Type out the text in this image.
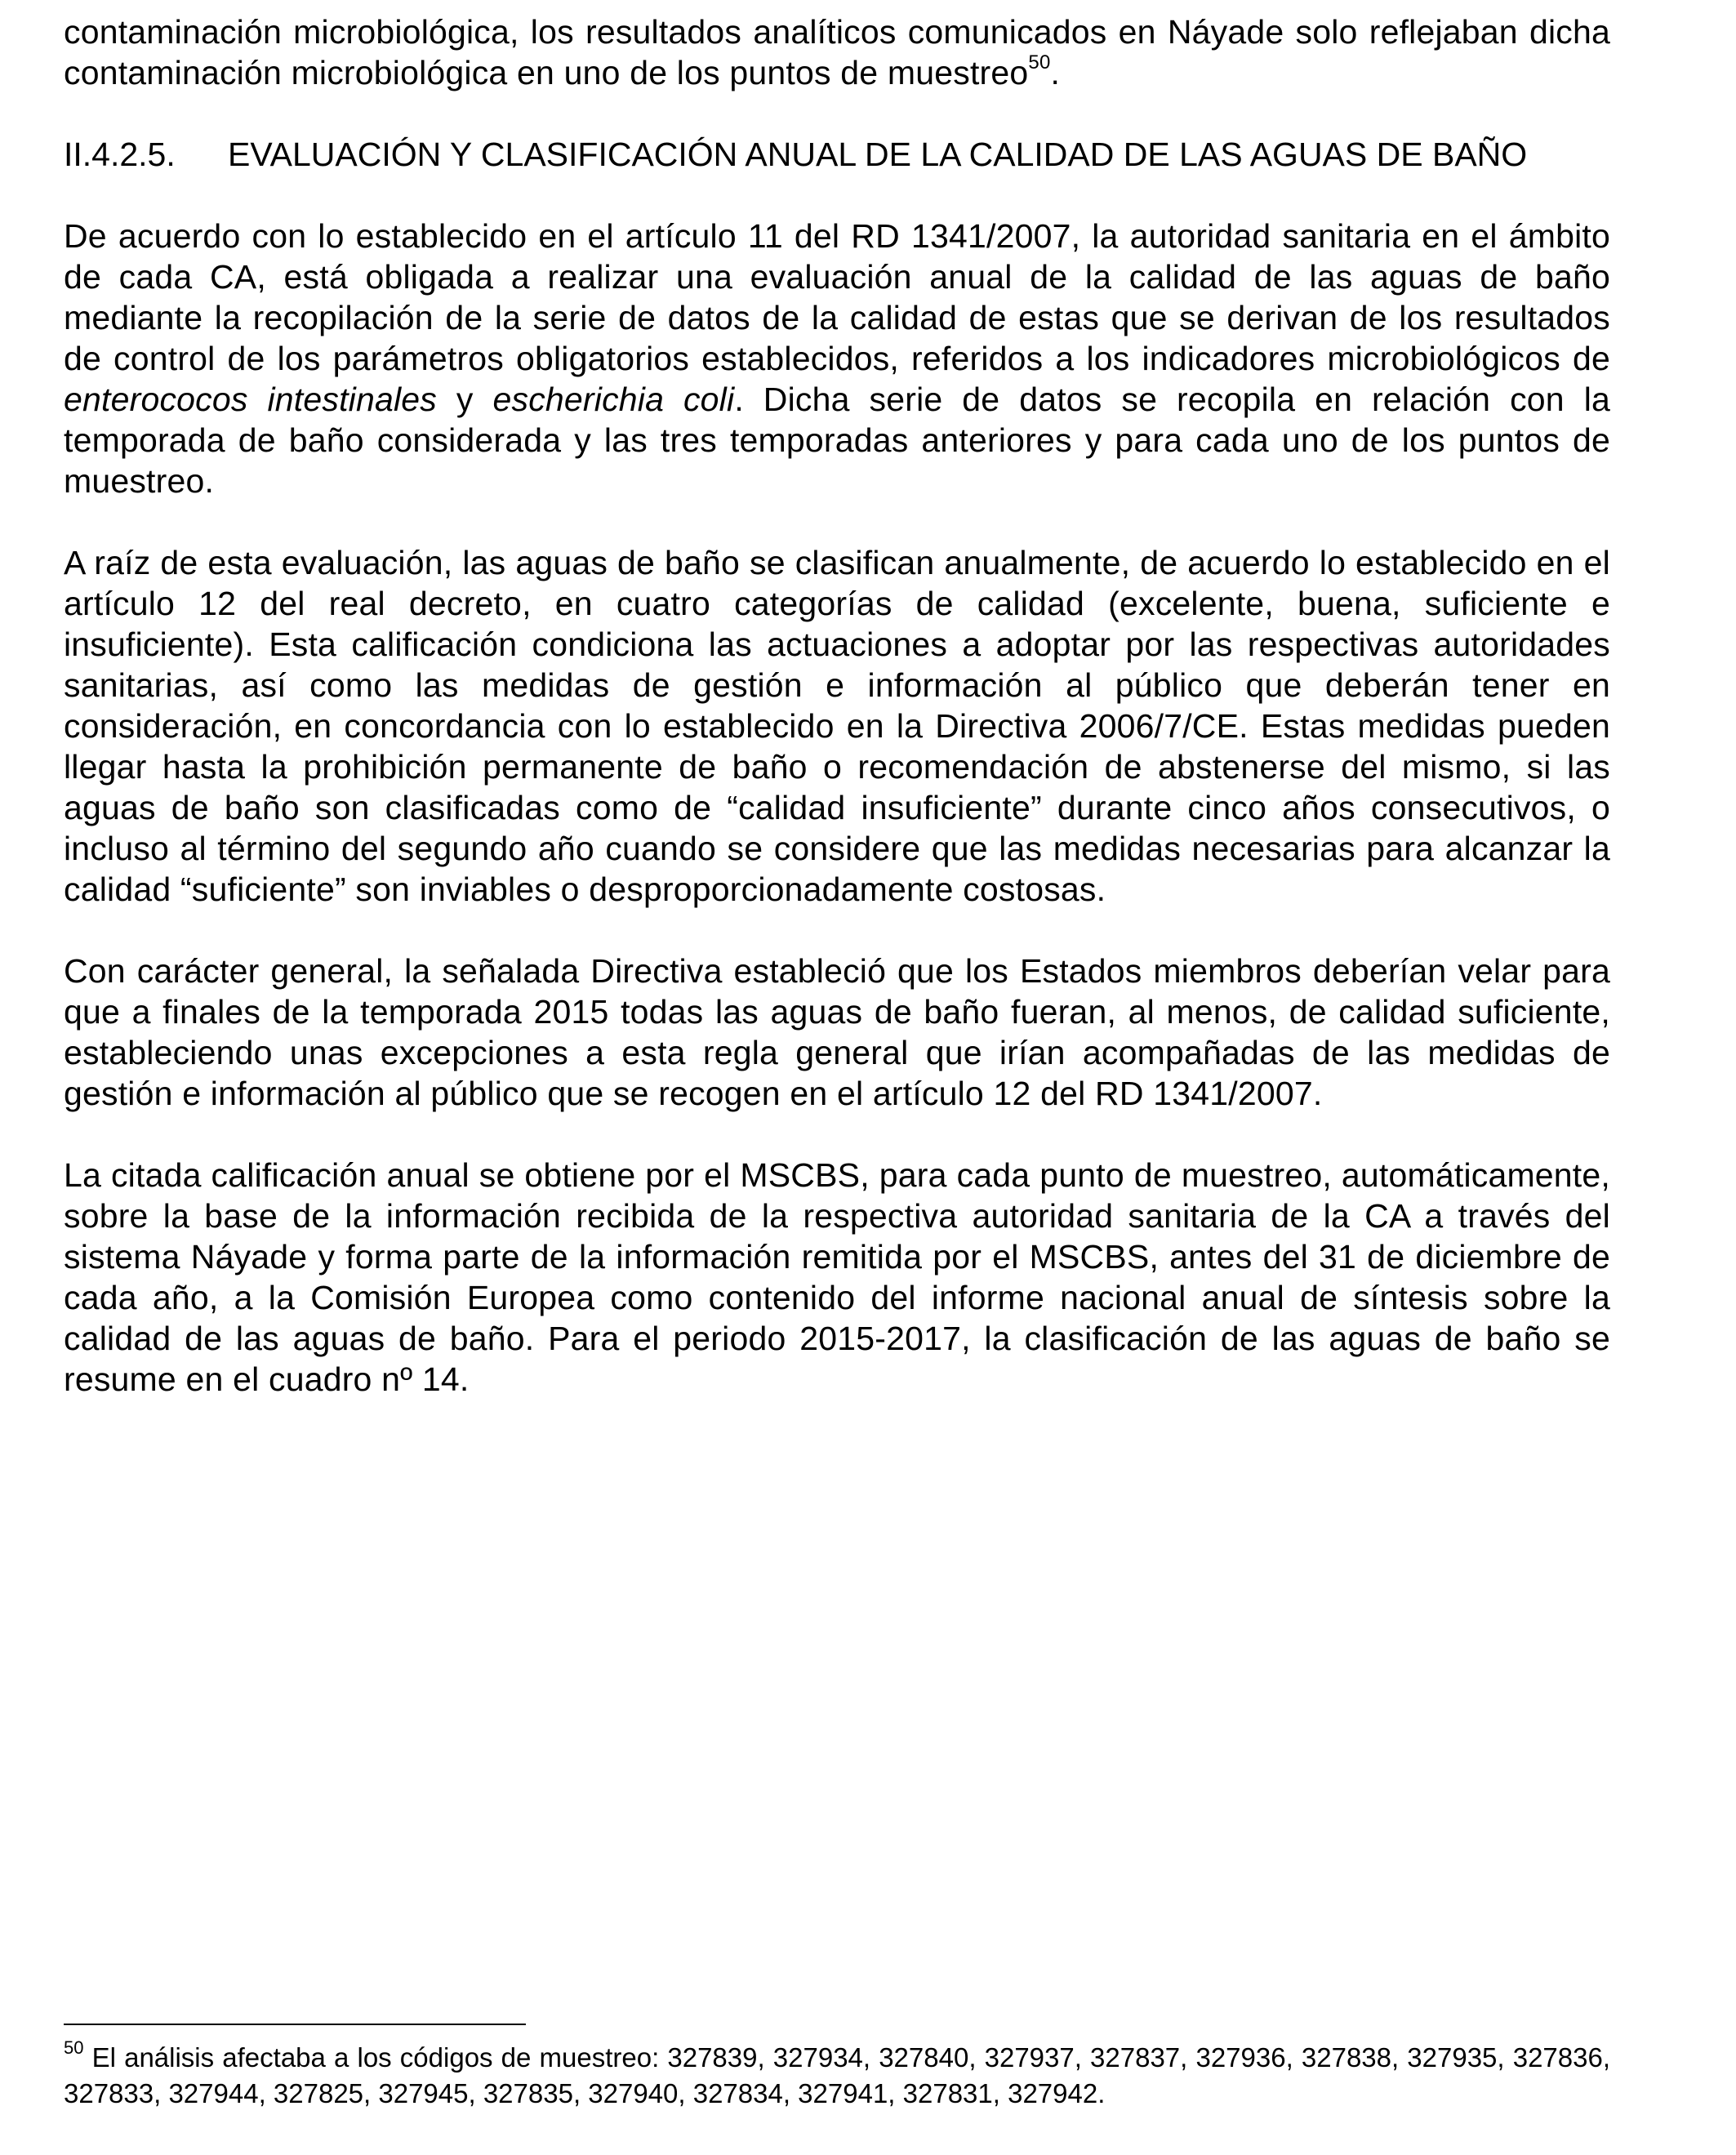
contaminación microbiológica, los resultados analíticos comunicados en Náyade solo reflejaban dicha contaminación microbiológica en uno de los puntos de muestreo$^{50}$.

II.4.2.5.	EVALUACIÓN Y CLASIFICACIÓN ANUAL DE LA CALIDAD DE LAS AGUAS DE BAÑO

De acuerdo con lo establecido en el artículo 11 del RD 1341/2007, la autoridad sanitaria en el ámbito de cada CA, está obligada a realizar una evaluación anual de la calidad de las aguas de baño mediante la recopilación de la serie de datos de la calidad de estas que se derivan de los resultados de control de los parámetros obligatorios establecidos, referidos a los indicadores microbiológicos de enterococos intestinales y escherichia coli. Dicha serie de datos se recopila en relación con la temporada de baño considerada y las tres temporadas anteriores y para cada uno de los puntos de muestreo.

A raíz de esta evaluación, las aguas de baño se clasifican anualmente, de acuerdo lo establecido en el artículo 12 del real decreto, en cuatro categorías de calidad (excelente, buena, suficiente e insuficiente). Esta calificación condiciona las actuaciones a adoptar por las respectivas autoridades sanitarias, así como las medidas de gestión e información al público que deberán tener en consideración, en concordancia con lo establecido en la Directiva 2006/7/CE. Estas medidas pueden llegar hasta la prohibición permanente de baño o recomendación de abstenerse del mismo, si las aguas de baño son clasificadas como de “calidad insuficiente” durante cinco años consecutivos, o incluso al término del segundo año cuando se considere que las medidas necesarias para alcanzar la calidad “suficiente” son inviables o desproporcionadamente costosas.

Con carácter general, la señalada Directiva estableció que los Estados miembros deberían velar para que a finales de la temporada 2015 todas las aguas de baño fueran, al menos, de calidad suficiente, estableciendo unas excepciones a esta regla general que irían acompañadas de las medidas de gestión e información al público que se recogen en el artículo 12 del RD 1341/2007.

La citada calificación anual se obtiene por el MSCBS, para cada punto de muestreo, automáticamente, sobre la base de la información recibida de la respectiva autoridad sanitaria de la CA a través del sistema Náyade y forma parte de la información remitida por el MSCBS, antes del 31 de diciembre de cada año, a la Comisión Europea como contenido del informe nacional anual de síntesis sobre la calidad de las aguas de baño. Para el periodo 2015-2017, la clasificación de las aguas de baño se resume en el cuadro nº 14.

$^{50}$ El análisis afectaba a los códigos de muestreo: 327839, 327934, 327840, 327937, 327837, 327936, 327838, 327935, 327836, 327833, 327944, 327825, 327945, 327835, 327940, 327834, 327941, 327831, 327942.
